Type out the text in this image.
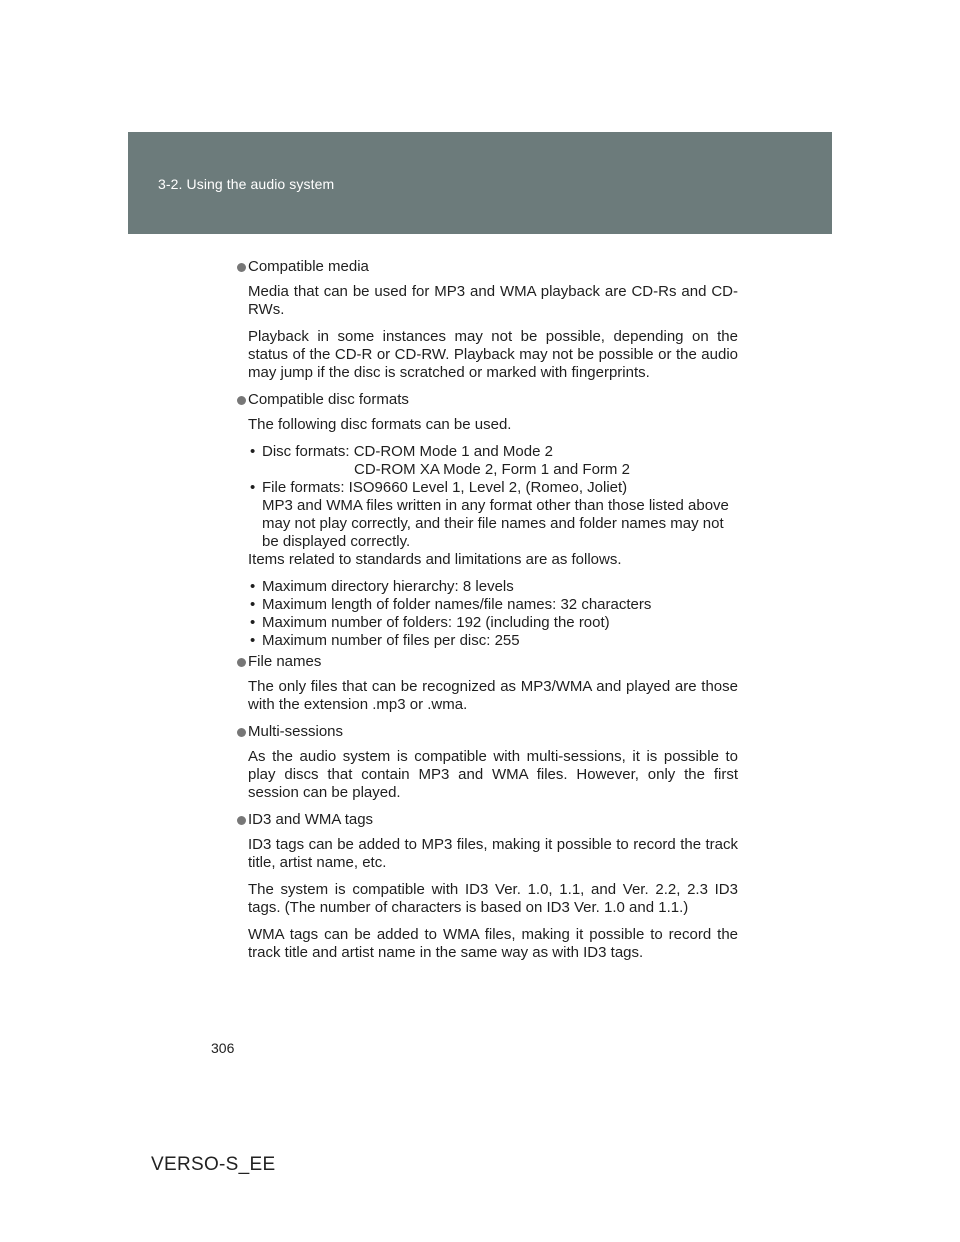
3-2. Using the audio system
Compatible media

Media that can be used for MP3 and WMA playback are CD-Rs and CD-RWs.

Playback in some instances may not be possible, depending on the status of the CD-R or CD-RW. Playback may not be possible or the audio may jump if the disc is scratched or marked with fingerprints.

Compatible disc formats

The following disc formats can be used.

• Disc formats: CD-ROM Mode 1 and Mode 2
CD-ROM XA Mode 2, Form 1 and Form 2
• File formats: ISO9660 Level 1, Level 2, (Romeo, Joliet)
MP3 and WMA files written in any format other than those listed above may not play correctly, and their file names and folder names may not be displayed correctly.

Items related to standards and limitations are as follows.

• Maximum directory hierarchy: 8 levels
• Maximum length of folder names/file names: 32 characters
• Maximum number of folders: 192 (including the root)
• Maximum number of files per disc: 255
File names

The only files that can be recognized as MP3/WMA and played are those with the extension .mp3 or .wma.

Multi-sessions

As the audio system is compatible with multi-sessions, it is possible to play discs that contain MP3 and WMA files. However, only the first session can be played.

ID3 and WMA tags

ID3 tags can be added to MP3 files, making it possible to record the track title, artist name, etc.

The system is compatible with ID3 Ver. 1.0, 1.1, and Ver. 2.2, 2.3 ID3 tags. (The number of characters is based on ID3 Ver. 1.0 and 1.1.)

WMA tags can be added to WMA files, making it possible to record the track title and artist name in the same way as with ID3 tags.

306
VERSO-S_EE
